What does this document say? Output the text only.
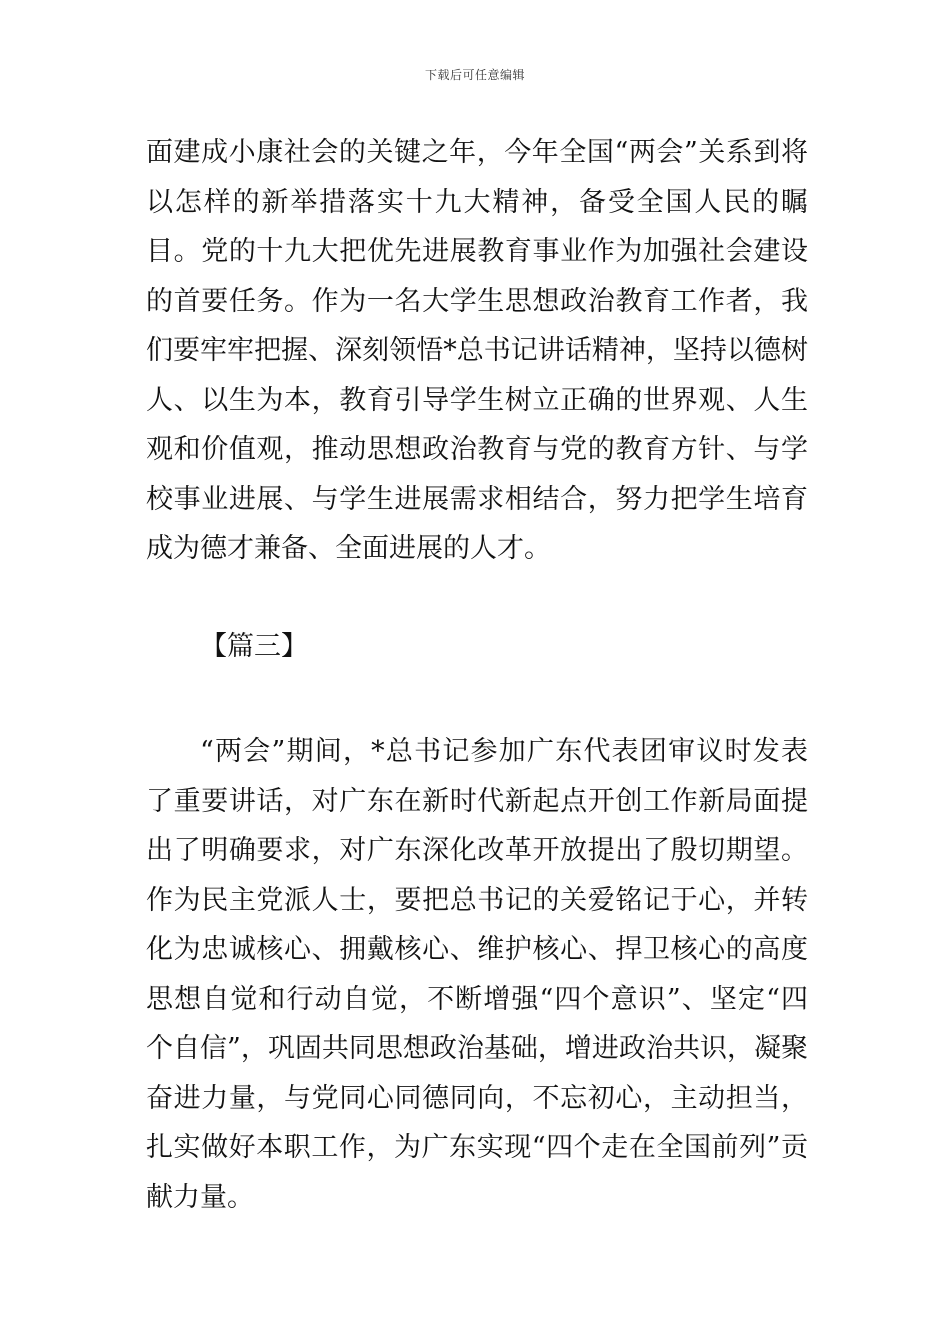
下载后可任意编辑

面建成小康社会的关键之年，今年全国“两会”关系到将以怎样的新举措落实十九大精神，备受全国人民的瞩目。党的十九大把优先进展教育事业作为加强社会建设的首要任务。作为一名大学生思想政治教育工作者，我们要牢牢把握、深刻领悟*总书记讲话精神，坚持以德树人、以生为本，教育引导学生树立正确的世界观、人生观和价值观，推动思想政治教育与党的教育方针、与学校事业进展、与学生进展需求相结合，努力把学生培育成为德才兼备、全面进展的人才。

【篇三】

“两会”期间，*总书记参加广东代表团审议时发表了重要讲话，对广东在新时代新起点开创工作新局面提出了明确要求，对广东深化改革开放提出了殷切期望。作为民主党派人士，要把总书记的关爱铭记于心，并转化为忠诚核心、拥戴核心、维护核心、捍卫核心的高度思想自觉和行动自觉，不断增强“四个意识”、坚定“四个自信”，巩固共同思想政治基础，增进政治共识，凝聚奋进力量，与党同心同德同向，不忘初心，主动担当，扎实做好本职工作，为广东实现“四个走在全国前列”贡献力量。
